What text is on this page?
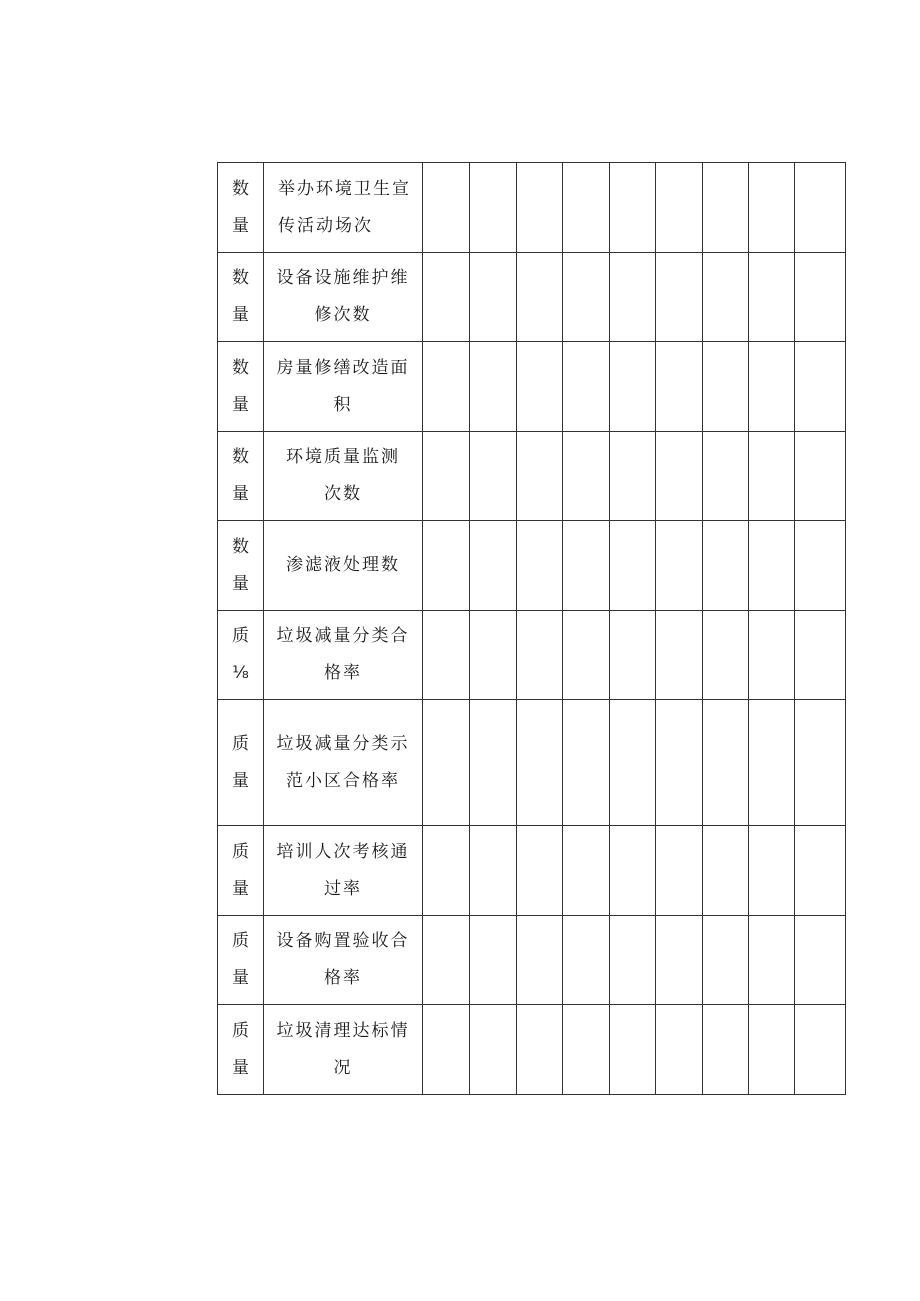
数
量	举办环境卫生宣
传活动场次									

数
量	设备设施维护维
修次数									

数
量	房量修缮改造面
积									

数
量	环境质量监测
次数									

数
量	渗滤液处理数									

质
⅛	垃圾减量分类合
格率									

质
量	垃圾减量分类示
范小区合格率									

质
量	培训人次考核通
过率									

质
量	设备购置验收合
格率									

质
量	垃圾清理达标情
况									
